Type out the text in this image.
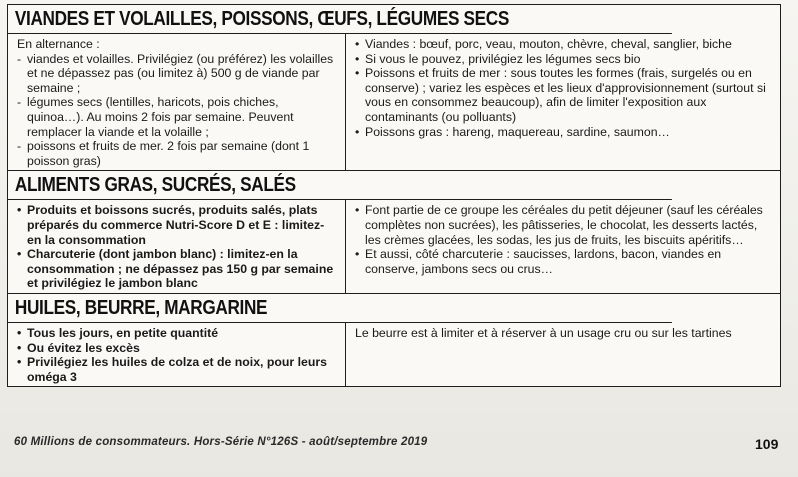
VIANDES ET VOLAILLES, POISSONS, ŒUFS, LÉGUMES SECS

En alternance :

- viandes et volailles. Privilégiez (ou préférez) les volailles et ne dépassez pas (ou limitez à) 500 g de viande par semaine ;
- légumes secs (lentilles, haricots, pois chiches, quinoa…). Au moins 2 fois par semaine. Peuvent remplacer la viande et la volaille ;
- poissons et fruits de mer. 2 fois par semaine (dont 1 poisson gras)
• Viandes : bœuf, porc, veau, mouton, chèvre, cheval, sanglier, biche
• Si vous le pouvez, privilégiez les légumes secs bio
• Poissons et fruits de mer : sous toutes les formes (frais, surgelés ou en conserve) ; variez les espèces et les lieux d'approvisionnement (surtout si vous en consommez beaucoup), afin de limiter l'exposition aux contaminants (ou polluants)
• Poissons gras : hareng, maquereau, sardine, saumon…
ALIMENTS GRAS, SUCRÉS, SALÉS
• Produits et boissons sucrés, produits salés, plats préparés du commerce Nutri-Score D et E : limitez-en la consommation
• Charcuterie (dont jambon blanc) : limitez-en la consommation ; ne dépassez pas 150 g par semaine et privilégiez le jambon blanc
• Font partie de ce groupe les céréales du petit déjeuner (sauf les céréales complètes non sucrées), les pâtisseries, le chocolat, les desserts lactés, les crèmes glacées, les sodas, les jus de fruits, les biscuits apéritifs…
• Et aussi, côté charcuterie : saucisses, lardons, bacon, viandes en conserve, jambons secs ou crus…
HUILES, BEURRE, MARGARINE
• Tous les jours, en petite quantité
• Ou évitez les excès
• Privilégiez les huiles de colza et de noix, pour leurs oméga 3

Le beurre est à limiter et à réserver à un usage cru ou sur les tartines

60 Millions de consommateurs. Hors-Série N°126S - août/septembre 2019	109
